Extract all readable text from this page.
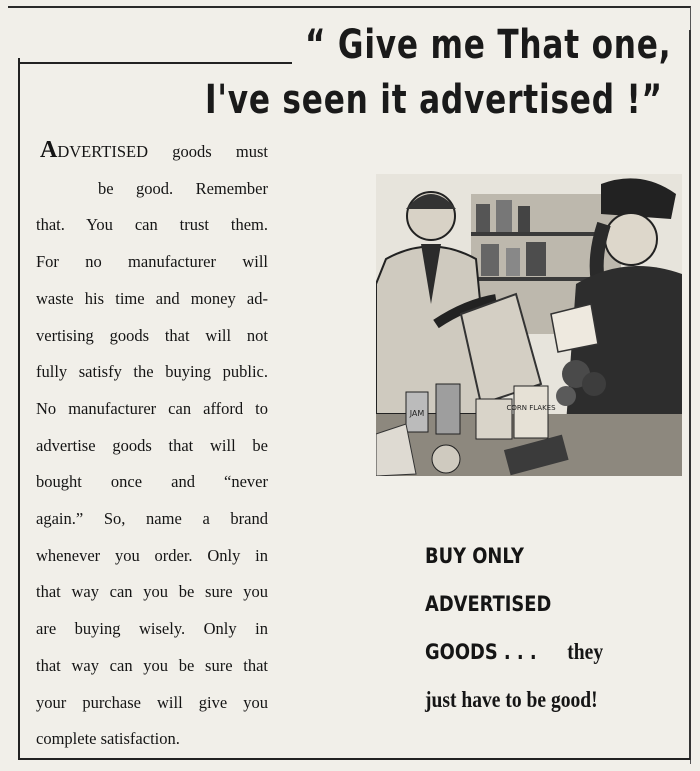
“ Give me That one,
I've seen it advertised !”

ADVERTISED goods must

be good. Remember

that. You can trust them.

For no manufacturer will

waste his time and money ad-

vertising goods that will not

fully satisfy the buying public.

No manufacturer can afford to

advertise goods that will be

bought once and “never

again.” So, name a brand

whenever you order. Only in

that way can you be sure you

are buying wisely. Only in

that way can you be sure that

your purchase will give you

complete satisfaction.

JAM
CORN FLAKES
BUY ONLY
ADVERTISED
GOODS . . . they
just have to be good!
